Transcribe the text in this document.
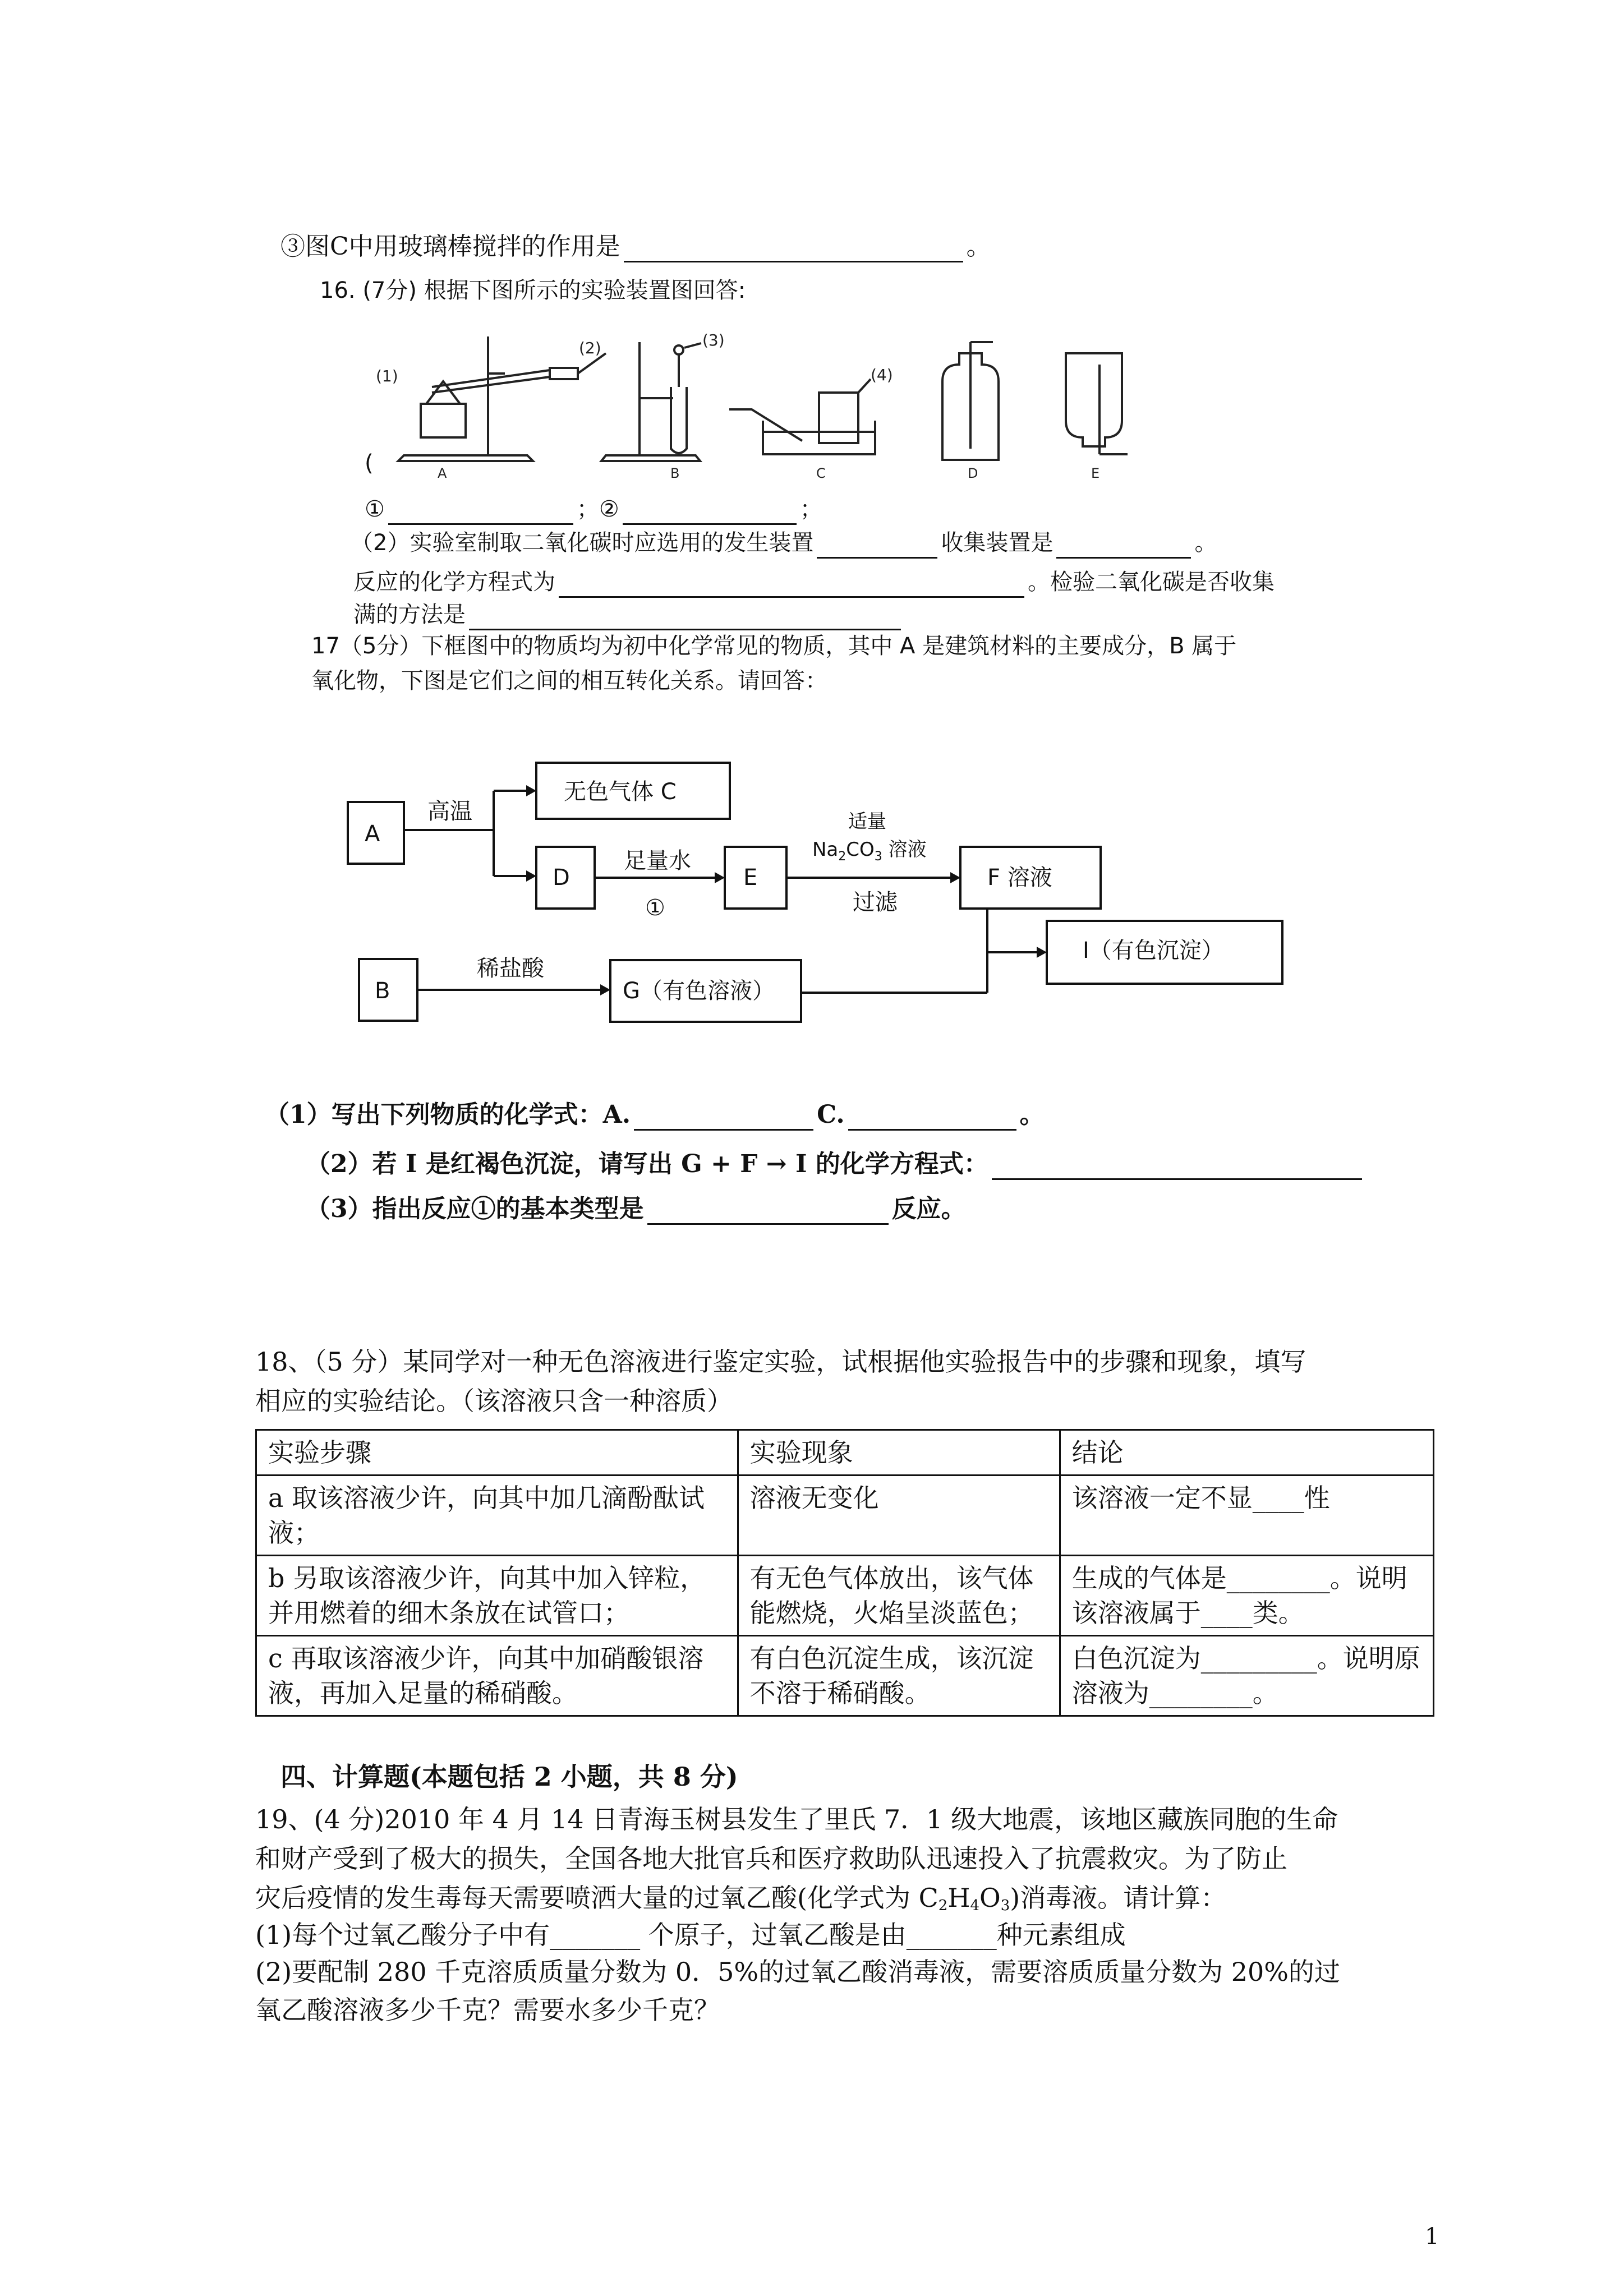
③图C中用玻璃棒搅拌的作用是	。
16. (7分) 根据下图所示的实验装置图回答:
(1)
(2)
A
(3)
B
(4)
C	D	E
(
①	；②	；
（2）实验室制取二氧化碳时应选用的发生装置	收集装置是	。
反应的化学方程式为	。检验二氧化碳是否收集
满的方法是
17（5分）下框图中的物质均为初中化学常见的物质，其中 A 是建筑材料的主要成分，B 属于
氧化物，下图是它们之间的相互转化关系。请回答：
A
高温
无色气体 C
D
足量水
①
E
适量
$Na_2CO_3$ 溶液
过滤
F 溶液
I（有色沉淀）
B
稀盐酸
G（有色溶液）
（1）写出下列物质的化学式：A.	C.	。
（2）若 I 是红褐色沉淀，请写出 G + F → I 的化学方程式：
（3）指出反应①的基本类型是	反应。
18、（5 分）某同学对一种无色溶液进行鉴定实验，试根据他实验报告中的步骤和现象，填写
相应的实验结论。（该溶液只含一种溶质）
实验步骤	实验现象	结论
a 取该溶液少许，向其中加几滴酚酞试液；	溶液无变化	该溶液一定不显____性
b 另取该溶液少许，向其中加入锌粒，并用燃着的细木条放在试管口；	有无色气体放出，该气体能燃烧，火焰呈淡蓝色；	生成的气体是________。说明该溶液属于____类。
c 再取该溶液少许，向其中加硝酸银溶液，再加入足量的稀硝酸。	有白色沉淀生成，该沉淀不溶于稀硝酸。	白色沉淀为_________。说明原溶液为________。
四、计算题(本题包括 2 小题，共 8 分)
19、(4 分)2010 年 4 月 14 日青海玉树县发生了里氏 7．1 级大地震，该地区藏族同胞的生命
和财产受到了极大的损失，全国各地大批官兵和医疗救助队迅速投入了抗震救灾。为了防止
灾后疫情的发生毒每天需要喷洒大量的过氧乙酸(化学式为 $C_2H_4O_3$)消毒液。请计算：
(1)每个过氧乙酸分子中有_______ 个原子，过氧乙酸是由_______种元素组成
(2)要配制 280 千克溶质质量分数为 0．5%的过氧乙酸消毒液，需要溶质质量分数为 20%的过
氧乙酸溶液多少千克？需要水多少千克？
1
